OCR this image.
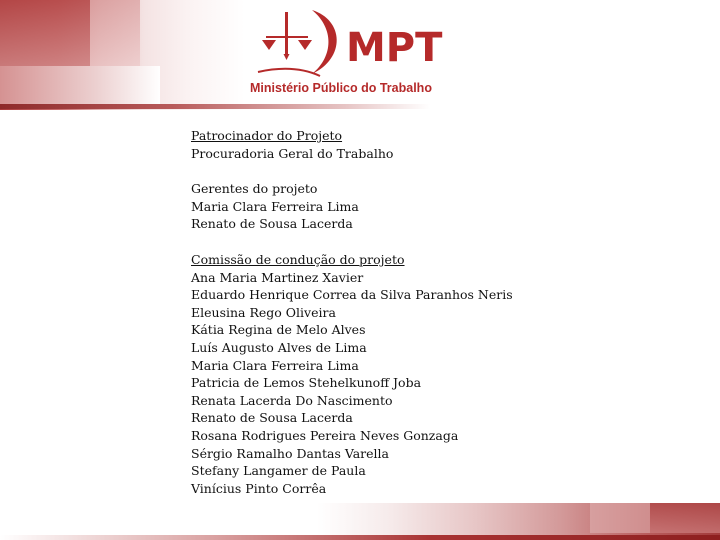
MPT
Ministério Público do Trabalho
Patrocinador do Projeto
Procuradoria Geral do Trabalho
Gerentes do projeto
Maria Clara Ferreira Lima
Renato de Sousa Lacerda
Comissão de condução do projeto
Ana Maria Martinez Xavier
Eduardo Henrique Correa da Silva Paranhos Neris
Eleusina Rego Oliveira
Kátia Regina de Melo Alves
Luís Augusto Alves de Lima
Maria Clara Ferreira Lima
Patricia de Lemos Stehelkunoff Joba
Renata Lacerda Do Nascimento
Renato de Sousa Lacerda
Rosana Rodrigues Pereira Neves Gonzaga
Sérgio Ramalho Dantas Varella
Stefany Langamer de Paula
Vinícius Pinto Corrêa
